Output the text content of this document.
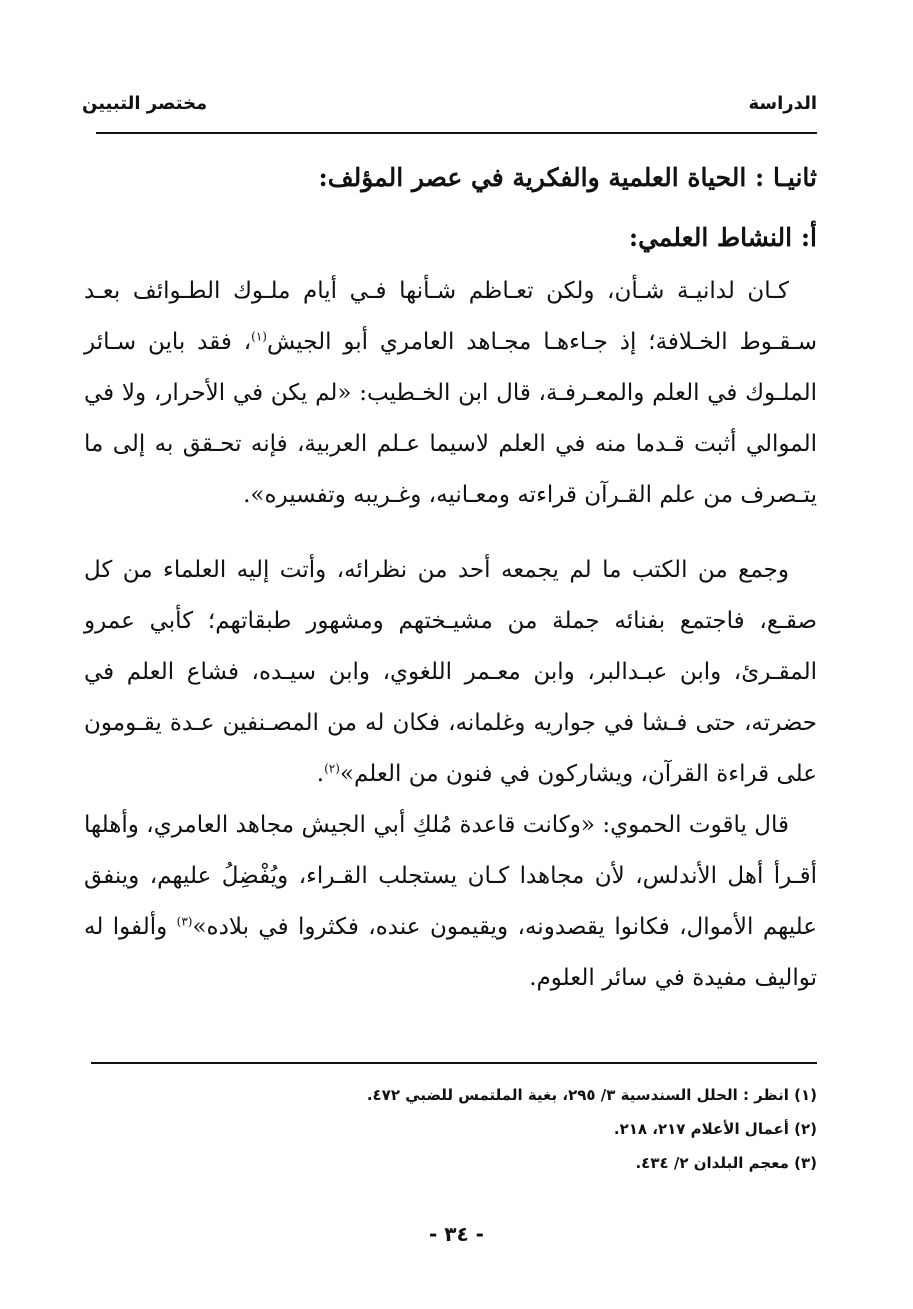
الدراسة
مختصر التبيين
ثانيـا : الحياة العلمية والفكرية في عصر المؤلف:
أ: النشاط العلمي:

كـان لدانيـة شـأن، ولكن تعـاظم شـأنها فـي أيام ملـوك الطـوائف بعـد سـقـوط الخـلافة؛ إذ جـاءهـا مجـاهد العامري أبو الجيش$^{(١)}$، فقد باين سـائر الملـوك في العلم والمعـرفـة، قال ابن الخـطيب: «لم يكن في الأحرار، ولا في الموالي أثبت قـدما منه في العلم لاسيما عـلم العربية، فإنه تحـقق به إلى ما يتـصرف من علم القـرآن قراءته ومعـانيه، وغـريبه وتفسيره».

وجمع من الكتب ما لم يجمعه أحد من نظرائه، وأتت إليه العلماء من كل صقـع، فاجتمع بفنائه جملة من مشيـختهم ومشهور طبقاتهم؛ كأبي عمرو المقـرئ، وابن عبـدالبر، وابن معـمر اللغوي، وابن سيـده، فشاع العلم في حضرته، حتى فـشا في جواريه وغلمانه، فكان له من المصـنفين عـدة يقـومون على قراءة القرآن، ويشاركون في فنون من العلم»$^{(٢)}$.

قال ياقوت الحموي: «وكانت قاعدة مُلكِ أبي الجيش مجاهد العامري، وأهلها أقـرأ أهل الأندلس، لأن مجاهدا كـان يستجلب القـراء، ويُفْضِلُ عليهم، وينفق عليهم الأموال، فكانوا يقصدونه، ويقيمون عنده، فكثروا في بلاده»$^{(٣)}$ وألفوا له تواليف مفيدة في سائر العلوم.

(١) انظر : الحلل السندسية ٣/ ٢٩٥، بغية الملتمس للضبي ٤٧٢.

(٢) أعمال الأعلام ٢١٧، ٢١٨.

(٣) معجم البلدان ٢/ ٤٣٤.

- ٣٤ -
